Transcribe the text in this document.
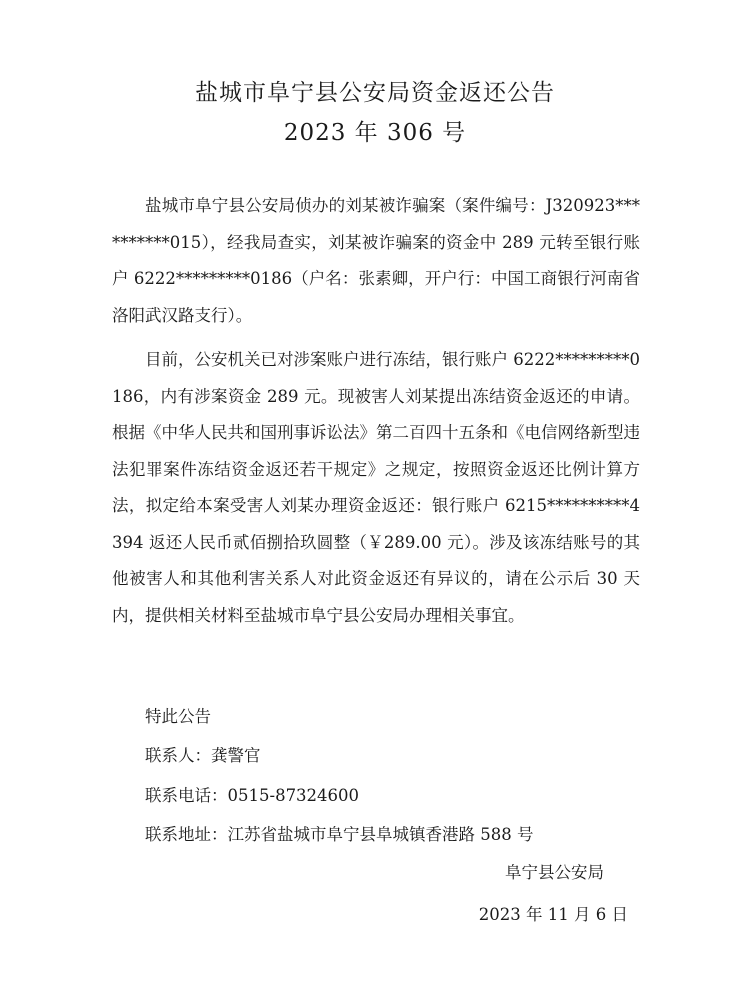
盐城市阜宁县公安局资金返还公告
2023 年 306 号
盐城市阜宁县公安局侦办的刘某被诈骗案（案件编号：J320923**********015），经我局查实，刘某被诈骗案的资金中 289 元转至银行账户 6222*********0186（户名：张素卿，开户行：中国工商银行河南省洛阳武汉路支行）。
目前，公安机关已对涉案账户进行冻结，银行账户 6222*********0186，内有涉案资金 289 元。现被害人刘某提出冻结资金返还的申请。根据《中华人民共和国刑事诉讼法》第二百四十五条和《电信网络新型违法犯罪案件冻结资金返还若干规定》之规定，按照资金返还比例计算方法，拟定给本案受害人刘某办理资金返还：银行账户 6215**********4394 返还人民币贰佰捌拾玖圆整（￥289.00 元）。涉及该冻结账号的其他被害人和其他利害关系人对此资金返还有异议的，请在公示后 30 天内，提供相关材料至盐城市阜宁县公安局办理相关事宜。
特此公告
联系人：龚警官
联系电话：0515-87324600
联系地址：江苏省盐城市阜宁县阜城镇香港路 588 号
阜宁县公安局
2023 年 11 月 6 日
